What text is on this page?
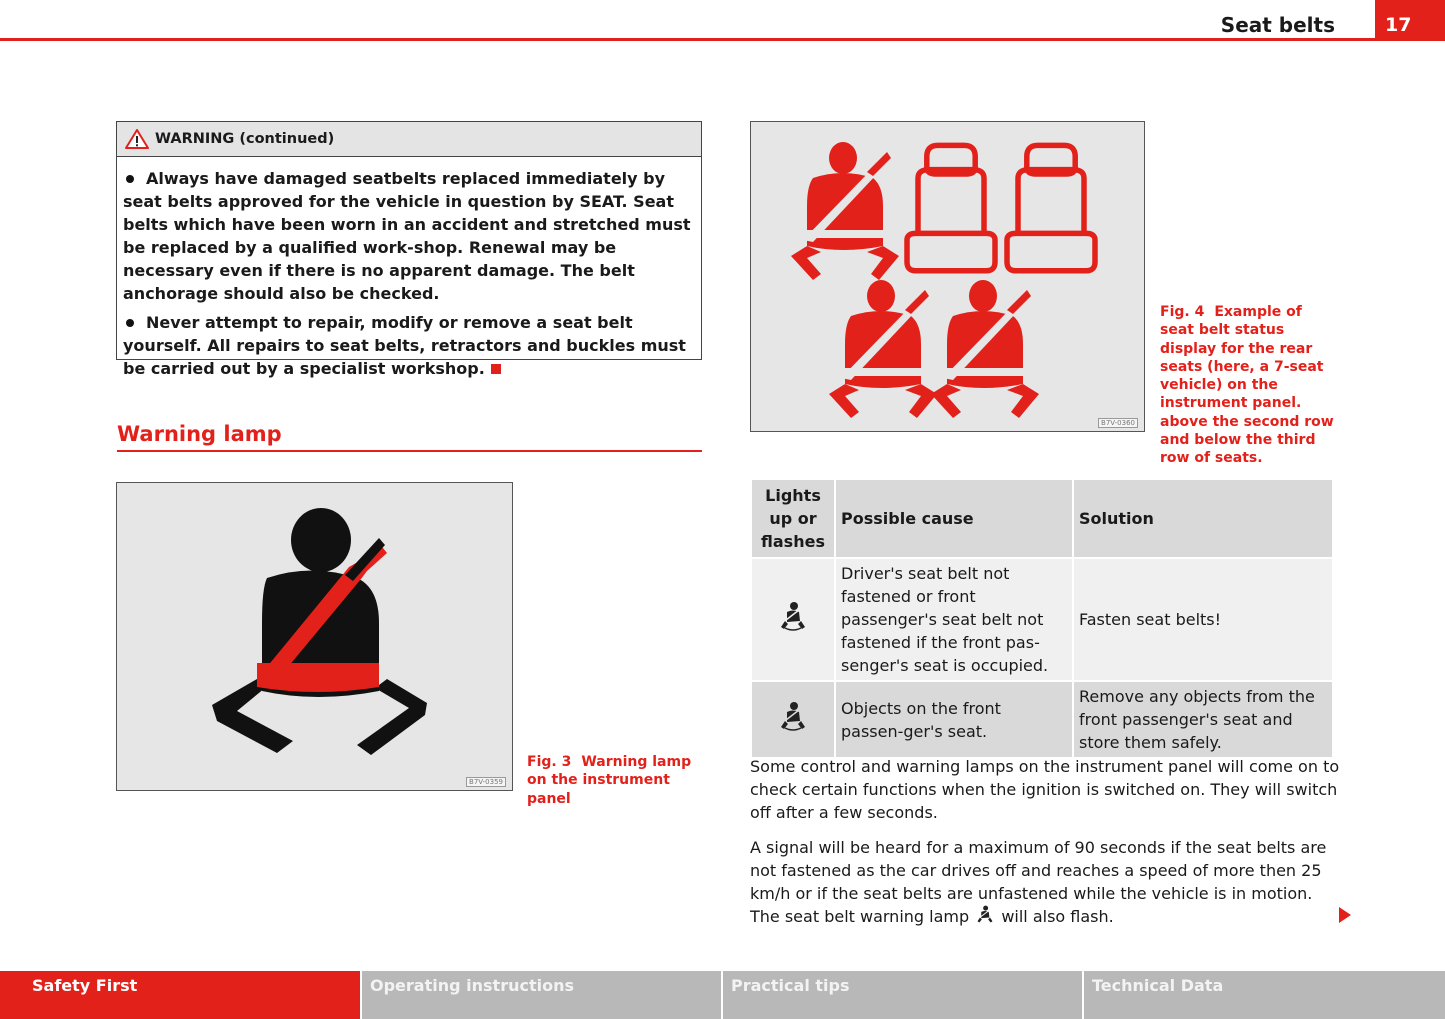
Seat belts	17
WARNING (continued)

Always have damaged seatbelts replaced immediately by seat belts approved for the vehicle in question by SEAT. Seat belts which have been worn in an accident and stretched must be replaced by a qualified work-shop. Renewal may be necessary even if there is no apparent damage. The belt anchorage should also be checked.

Never attempt to repair, modify or remove a seat belt yourself. All repairs to seat belts, retractors and buckles must be carried out by a specialist workshop.

Warning lamp
B7V-0359
Fig. 3 Warning lamp on the instrument panel
B7V-0360
Fig. 4 Example of seat belt status display for the rear seats (here, a 7-seat vehicle) on the instrument panel. above the second row and below the third row of seats.
Lights up or flashes	Possible cause	Solution
	Driver's seat belt not fastened or front passenger's seat belt not fastened if the front pas-senger's seat is occupied.	Fasten seat belts!
	Objects on the front passen-ger's seat.	Remove any objects from the front passenger's seat and store them safely.

Some control and warning lamps on the instrument panel will come on to check certain functions when the ignition is switched on. They will switch off after a few seconds.

A signal will be heard for a maximum of 90 seconds if the seat belts are not fastened as the car drives off and reaches a speed of more then 25 km/h or if the seat belts are unfastened while the vehicle is in motion. The seat belt warning lamp will also flash.

Safety First	Operating instructions	Practical tips	Technical Data
